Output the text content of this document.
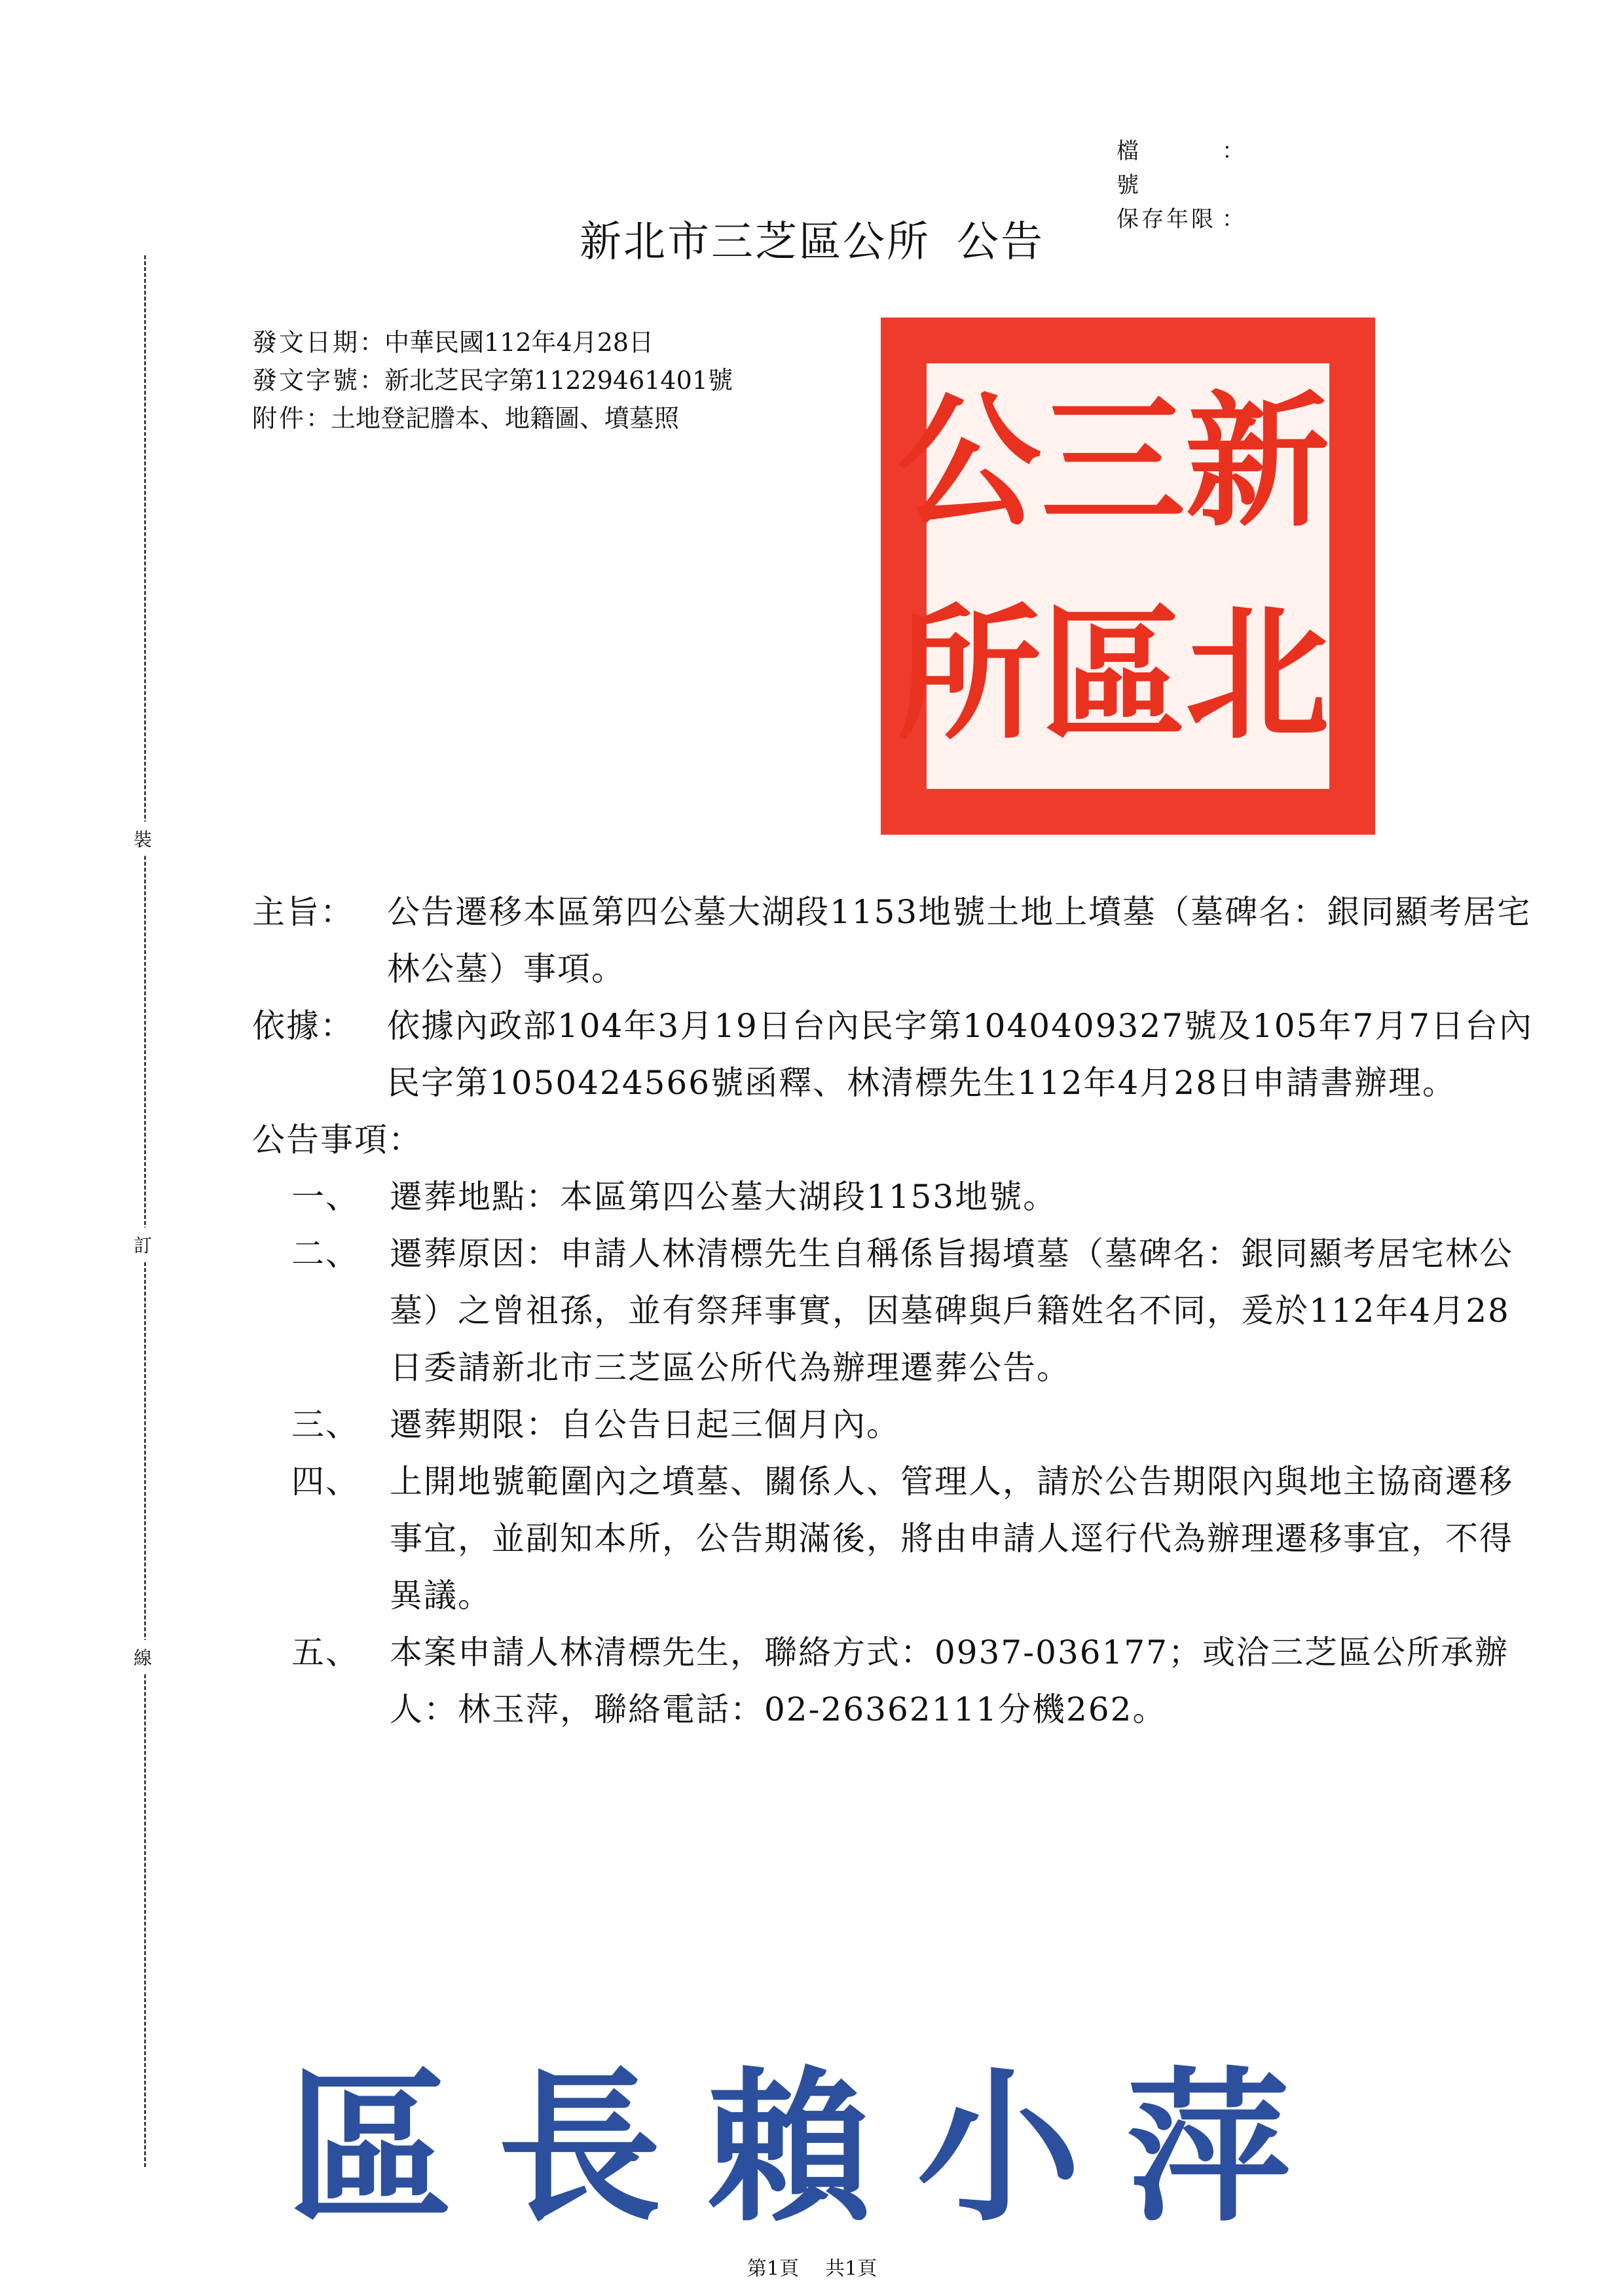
檔號
：
保存年限 ：
裝
訂
線
新北市三芝區公所 公告
發文日期：中華民國112年4月28日
發文字號：新北芝民字第11229461401號
附件：土地登記謄本、地籍圖、墳墓照	新
北
三
區
公
所
主旨：	公告遷移本區第四公墓大湖段1153地號土地上墳墓（墓碑名：銀同顯考居宅林公墓）事項。
依據：	依據內政部104年3月19日台內民字第1040409327號及105年7月7日台內民字第1050424566號函釋、林清標先生112年4月28日申請書辦理。
公告事項：
一、 遷葬地點：本區第四公墓大湖段1153地號。
二、 遷葬原因：申請人林清標先生自稱係旨揭墳墓（墓碑名：銀同顯考居宅林公墓）之曾祖孫，並有祭拜事實，因墓碑與戶籍姓名不同，爰於112年4月28日委請新北市三芝區公所代為辦理遷葬公告。
三、 遷葬期限：自公告日起三個月內。
四、 上開地號範圍內之墳墓、關係人、管理人，請於公告期限內與地主協商遷移事宜，並副知本所，公告期滿後，將由申請人逕行代為辦理遷移事宜，不得異議。
五、 本案申請人林清標先生，聯絡方式：0937-036177；或洽三芝區公所承辦人：林玉萍，聯絡電話：02-26362111分機262。
區長賴小萍
第1頁 共1頁
